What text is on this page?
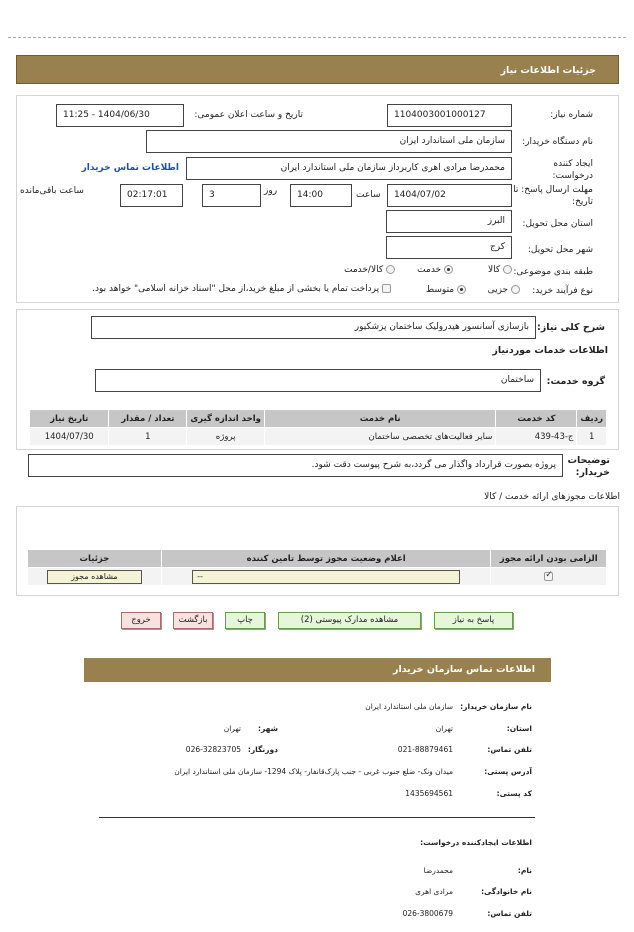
جزئیات اطلاعات نیاز
شماره نیاز:
1104003001000127
تاریخ و ساعت اعلان عمومی:
1404/06/30 - 11:25
نام دستگاه خریدار:
سازمان ملی استاندارد ایران
ایجاد کننده درخواست:
محمدرضا مرادی اهری کاربرداز سازمان ملی استاندارد ایران
اطلاعات تماس خریدار
مهلت ارسال پاسخ: تا تاریخ:
1404/07/02
ساعت
14:00
روز
3
02:17:01
ساعت باقی‌مانده
استان محل تحویل:
البرز
شهر محل تحویل:
کرج
طبقه بندی موضوعی:
کالا
خدمت
کالا/خدمت
نوع فرآیند خرید:
جزیی
متوسط
پرداخت تمام یا بخشی از مبلغ خرید،از محل "اسناد خزانه اسلامی" خواهد بود.
شرح کلی نیاز:
بازسازی آسانسور هیدرولیک ساختمان پزشکیور
اطلاعات خدمات موردنیاز
گروه خدمت:
ساختمان
ردیف	کد خدمت	نام خدمت	واحد اندازه گیری	تعداد / مقدار	تاریخ نیاز
1	ج-43-439	سایر فعالیت‌های تخصصی ساختمان	پروژه	1	1404/07/30
توضیحات خریدار:
پروژه بصورت قرارداد واگذار می گردد،به شرح پیوست دقت شود.
اطلاعات مجوزهای ارائه خدمت / کالا
الزامی بودن ارائه مجوز	اعلام وضعیت مجوز توسط تامین کننده	جزئیات
✓	
--	مشاهده مجوز
پاسخ به نیاز
مشاهده مدارک پیوستی (2)
چاپ
بازگشت
خروج
اطلاعات تماس سازمان خریدار
نام سازمان خریدار:
سازمان ملی استاندارد ایران
استان:
تهران
شهر:
تهران
تلفن تماس:
021-88879461
دورنگار:
026-32823705
آدرس پستی:
میدان ونک- ضلع جنوب غربی - جنب پارک‌قانفار- پلاک 1294- سازمان ملی استاندارد ایران
کد پستی:
1435694561
اطلاعات ایجادکننده درخواست:
نام:
محمدرضا
نام خانوادگی:
مرادی اهری
تلفن تماس:
026-3800679
